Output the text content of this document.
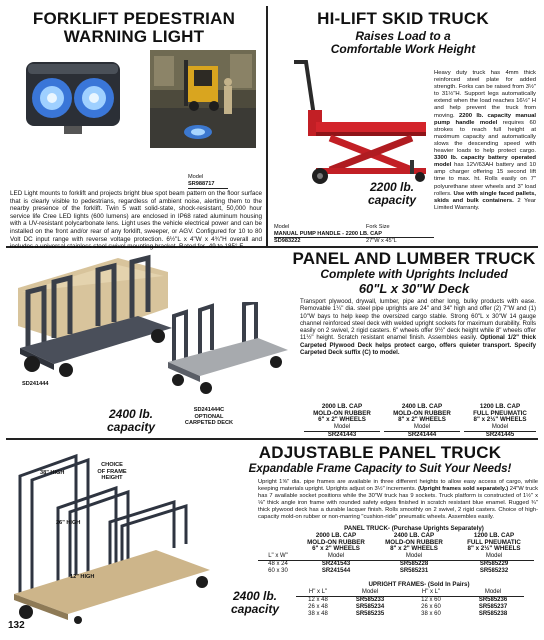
FORKLIFT PEDESTRIAN
WARNING LIGHT
Model
SR988717
LED Light mounts to forklift and projects bright blue spot beam pattern on the floor surface that is clearly visible to pedestrians, regardless of ambient noise, alerting them to the nearby presence of the forklift. Twin 5 watt solid-state, shock-resistant, 50,000 hour service life Cree LED lights (600 lumens) are enclosed in IP68 rated aluminum housing with a UV-resistant polycarbonate lens. Light uses the vehicle electrical power and can be installed on the front and/or rear of any forklift, sweeper, or AGV. Configured for 10 to 80 Volt DC input range with reverse voltage protection. 6½"L x 4"W x 4¾"H overall and includes a universal stainless steel swivel mounting bracket. Rated for -49 to 185° F.
HI-LIFT SKID TRUCK
Raises Load to a
Comfortable Work Height
2200 lb.
capacity
Heavy duty truck has 4mm thick reinforced steel plate for added strength. Forks can be raised from 3½" to 31½"H. Support legs automatically extend when the load reaches 16½" H and help prevent the truck from moving. 2200 lb. capacity manual pump handle model requires 60 strokes to reach full height at maximum capacity and automatically slows the descending speed with heavier loads to help protect cargo. 3300 lb. capacity battery operated model has 12V/63AH battery and 10 amp charger offering 15 second lift time to max. ht. Rolls easily on 7" polyurethane steer wheels and 3" load rollers. Use with single faced pallets, skids and bulk containers. 2 Year Limited Warranty.
Model	Fork Size
MANUAL PUMP HANDLE - 2200 LB. CAP
SD983222	27"W x 45"L
PANEL AND LUMBER TRUCK
Complete with Uprights Included
60"L x 30"W Deck
Transport plywood, drywall, lumber, pipe and other long, bulky products with ease. Removable 1¼" dia. steel pipe uprights are 24" and 34" high and offer (2) 7"W and (1) 10"W bays to help keep the oversized cargo stable. Strong 60"L x 30"W 14 gauge channel reinforced steel deck with welded upright sockets for maximum durability. Rolls easily on 2 swivel, 2 rigid casters. 6" wheels offer 9½" deck height while 8" wheels offer 11½" height. Scratch resistant enamel finish. Assembles easily. Optional 1/2" thick Carpeted Plywood Deck helps protect cargo, offers quieter transport. Specify Carpeted Deck suffix (C) to model.
SD241444
SD241444C
OPTIONAL
CARPETED DECK
2400 lb.
capacity
2000 LB. CAP
MOLD-ON RUBBER
6" x 2" WHEELS
Model
SR241443
2400 LB. CAP
MOLD-ON RUBBER
8" x 2" WHEELS
Model
SR241444
1200 LB. CAP
FULL PNEUMATIC
8" x 2½" WHEELS
Model
SR241445
38" HIGH
CHOICE
OF FRAME
HEIGHT
26" HIGH
12" HIGH
2400 lb.
capacity
ADJUSTABLE PANEL TRUCK
Expandable Frame Capacity to Suit Your Needs!
Upright 1⅝" dia. pipe frames are available in three different heights to allow easy access of cargo, while keeping materials upright. Uprights adjust on 3½" increments. (Upright frames sold separately.) 24"W truck has 7 available socket positions while the 30"W truck has 9 sockets. Truck platform is constructed of 1½" x ⅛" thick angle iron frame with rounded safety edges finished in scratch resistant blue enamel. Rugged ¾" thick plywood deck has a durable lacquer finish. Rolls smoothly on 2 swivel, 2 rigid casters. Choice of high-capacity mold-on rubber or non-marring "cushion-ride" pneumatic wheels. Assembles easily.
PANEL TRUCK- (Purchase Uprights Separately)
L" x W"
48 x 24
60 x 30
2000 LB. CAP
MOLD-ON RUBBER
6" x 2" WHEELS
Model
SR241543
SR241544
2400 LB. CAP
MOLD-ON RUBBER
8" x 2" WHEELS
Model
SR585228
SR585231
1200 LB. CAP
FULL PNEUMATIC
8" x 2½" WHEELS
Model
SR585229
SR585232
UPRIGHT FRAMES- (Sold In Pairs)
H" x L"
12 x 48
26 x 48
38 x 48
Model
SR585233
SR585234
SR585235
H" x L"
12 x 60
26 x 60
38 x 60
Model
SR585236
SR585237
SR585238
132
